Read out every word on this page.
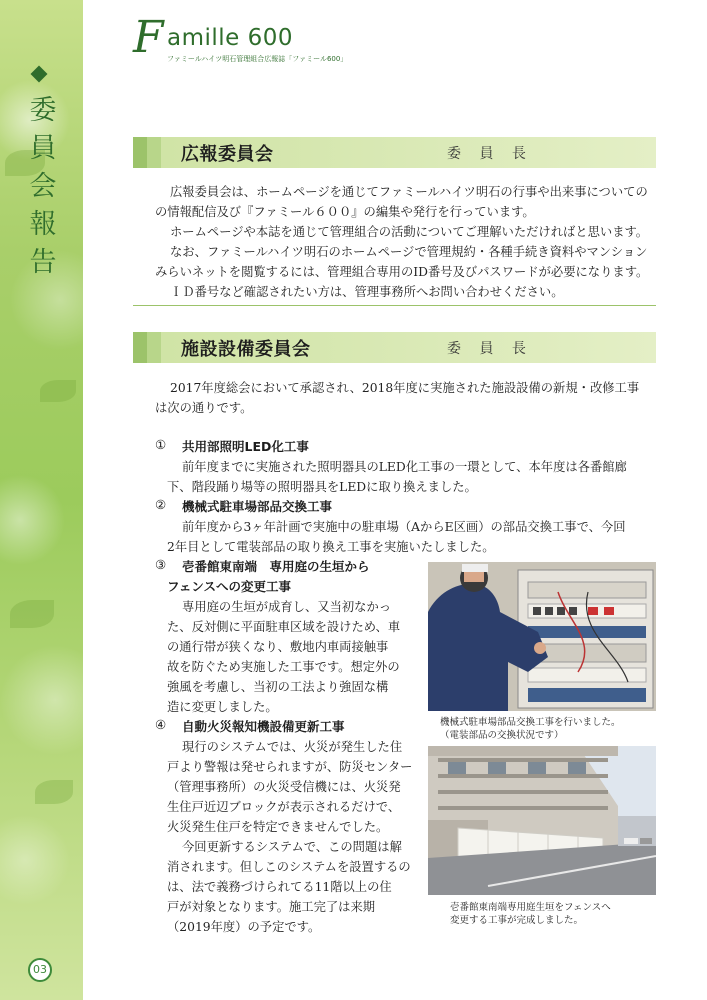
委員会報告
03
F amille 600
ファミールハイツ明石管理組合広報誌「ファミール600」
広報委員会	委 員 長
広報委員会は、ホームページを通じてファミールハイツ明石の行事や出来事についての
の情報配信及び『ファミール６００』の編集や発行を行っています。
ホームページや本誌を通じて管理組合の活動についてご理解いただければと思います。
なお、ファミールハイツ明石のホームページで管理規約・各種手続き資料やマンション
みらいネットを閲覧するには、管理組合専用のID番号及びパスワードが必要になります。
ＩＤ番号など確認されたい方は、管理事務所へお問い合わせください。
施設設備委員会	委 員 長
2017年度総会において承認され、2018年度に実施された施設設備の新規・改修工事
は次の通りです。
① 共用部照明LED化工事
前年度までに実施された照明器具のLED化工事の一環として、本年度は各番館廊
下、階段踊り場等の照明器具をLEDに取り換えました。
② 機械式駐車場部品交換工事
前年度から3ヶ年計画で実施中の駐車場（AからE区画）の部品交換工事で、今回
2年目として電装部品の取り換え工事を実施いたしました。
③ 壱番館東南端　専用庭の生垣から
フェンスへの変更工事
専用庭の生垣が成育し、又当初なかっ
た、反対側に平面駐車区域を設けため、車
の通行帯が狭くなり、敷地内車両接触事
故を防ぐため実施した工事です。想定外の
強風を考慮し、当初の工法より強固な構
造に変更しました。
④ 自動火災報知機設備更新工事
現行のシステムでは、火災が発生した住
戸より警報は発せられますが、防災センター
（管理事務所）の火災受信機には、火災発
生住戸近辺ブロックが表示されるだけで、
火災発生住戸を特定できませんでした。
今回更新するシステムで、この問題は解
消されます。但しこのシステムを設置するの
は、法で義務づけられてる11階以上の住
戸が対象となります。施工完了は来期
（2019年度）の予定です。
機械式駐車場部品交換工事を行いました。
（電装部品の交換状況です）
壱番館東南端専用庭生垣をフェンスへ
変更する工事が完成しました。
